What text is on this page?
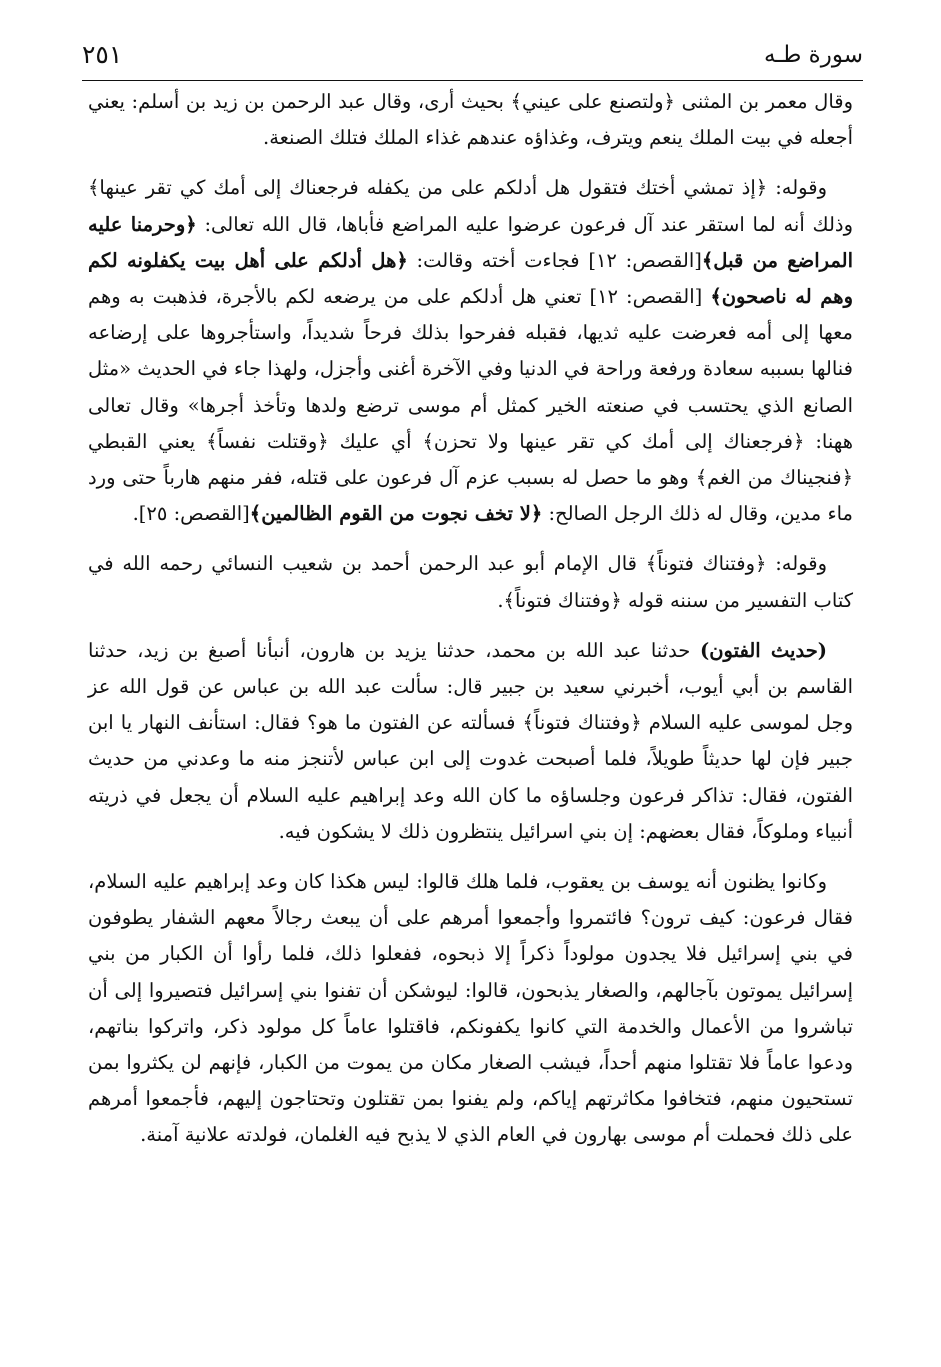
سورة طـه
٢٥١

وقال معمر بن المثنى ﴿ولتصنع على عيني﴾ بحيث أرى، وقال عبد الرحمن بن زيد بن أسلم: يعني أجعله في بيت الملك ينعم ويترف، وغذاؤه عندهم غذاء الملك فتلك الصنعة.

وقوله: ﴿إذ تمشي أختك فتقول هل أدلكم على من يكفله فرجعناك إلى أمك كي تقر عينها﴾ وذلك أنه لما استقر عند آل فرعون عرضوا عليه المراضع فأباها، قال الله تعالى: ﴿وحرمنا عليه المراضع من قبل﴾[القصص: ١٢] فجاءت أخته وقالت: ﴿هل أدلكم على أهل بيت يكفلونه لكم وهم له ناصحون﴾ [القصص: ١٢] تعني هل أدلكم على من يرضعه لكم بالأجرة، فذهبت به وهم معها إلى أمه فعرضت عليه ثديها، فقبله ففرحوا بذلك فرحاً شديداً، واستأجروها على إرضاعه فنالها بسببه سعادة ورفعة وراحة في الدنيا وفي الآخرة أغنى وأجزل، ولهذا جاء في الحديث «مثل الصانع الذي يحتسب في صنعته الخير كمثل أم موسى ترضع ولدها وتأخذ أجرها» وقال تعالى ههنا: ﴿فرجعناك إلى أمك كي تقر عينها ولا تحزن﴾ أي عليك ﴿وقتلت نفساً﴾ يعني القبطي ﴿فنجيناك من الغم﴾ وهو ما حصل له بسبب عزم آل فرعون على قتله، ففر منهم هارباً حتى ورد ماء مدين، وقال له ذلك الرجل الصالح: ﴿لا تخف نجوت من القوم الظالمين﴾[القصص: ٢٥].

وقوله: ﴿وفتناك فتوناً﴾ قال الإمام أبو عبد الرحمن أحمد بن شعيب النسائي رحمه الله في كتاب التفسير من سننه قوله ﴿وفتناك فتوناً﴾.

(حديث الفتون) حدثنا عبد الله بن محمد، حدثنا يزيد بن هارون، أنبأنا أصبغ بن زيد، حدثنا القاسم بن أبي أيوب، أخبرني سعيد بن جبير قال: سألت عبد الله بن عباس عن قول الله عز وجل لموسى عليه السلام ﴿وفتناك فتوناً﴾ فسألته عن الفتون ما هو؟ فقال: استأنف النهار يا ابن جبير فإن لها حديثاً طويلاً، فلما أصبحت غدوت إلى ابن عباس لأتنجز منه ما وعدني من حديث الفتون، فقال: تذاكر فرعون وجلساؤه ما كان الله وعد إبراهيم عليه السلام أن يجعل في ذريته أنبياء وملوكاً، فقال بعضهم: إن بني اسرائيل ينتظرون ذلك لا يشكون فيه.

وكانوا يظنون أنه يوسف بن يعقوب، فلما هلك قالوا: ليس هكذا كان وعد إبراهيم عليه السلام، فقال فرعون: كيف ترون؟ فائتمروا وأجمعوا أمرهم على أن يبعث رجالاً معهم الشفار يطوفون في بني إسرائيل فلا يجدون مولوداً ذكراً إلا ذبحوه، ففعلوا ذلك، فلما رأوا أن الكبار من بني إسرائيل يموتون بآجالهم، والصغار يذبحون، قالوا: ليوشكن أن تفنوا بني إسرائيل فتصيروا إلى أن تباشروا من الأعمال والخدمة التي كانوا يكفونكم، فاقتلوا عاماً كل مولود ذكر، واتركوا بناتهم، ودعوا عاماً فلا تقتلوا منهم أحداً، فيشب الصغار مكان من يموت من الكبار، فإنهم لن يكثروا بمن تستحيون منهم، فتخافوا مكاثرتهم إياكم، ولم يفنوا بمن تقتلون وتحتاجون إليهم، فأجمعوا أمرهم على ذلك فحملت أم موسى بهارون في العام الذي لا يذبح فيه الغلمان، فولدته علانية آمنة.
